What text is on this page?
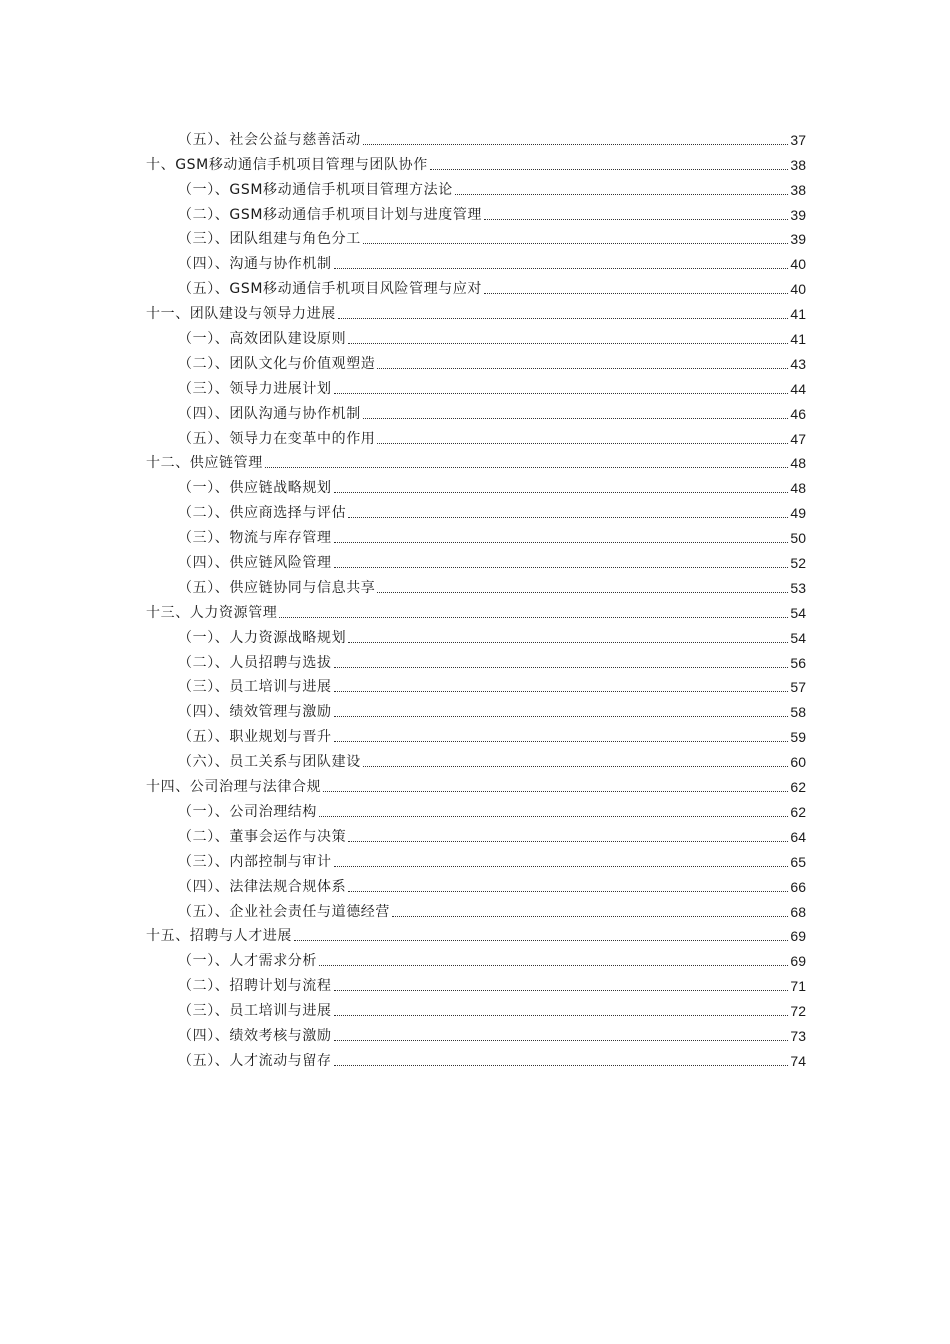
（五）、社会公益与慈善活动	37
十、GSM移动通信手机项目管理与团队协作	38
（一）、GSM移动通信手机项目管理方法论	38
（二）、GSM移动通信手机项目计划与进度管理	39
（三）、团队组建与角色分工	39
（四）、沟通与协作机制	40
（五）、GSM移动通信手机项目风险管理与应对	40
十一、团队建设与领导力进展	41
（一）、高效团队建设原则	41
（二）、团队文化与价值观塑造	43
（三）、领导力进展计划	44
（四）、团队沟通与协作机制	46
（五）、领导力在变革中的作用	47
十二、供应链管理	48
（一）、供应链战略规划	48
（二）、供应商选择与评估	49
（三）、物流与库存管理	50
（四）、供应链风险管理	52
（五）、供应链协同与信息共享	53
十三、人力资源管理	54
（一）、人力资源战略规划	54
（二）、人员招聘与选拔	56
（三）、员工培训与进展	57
（四）、绩效管理与激励	58
（五）、职业规划与晋升	59
（六）、员工关系与团队建设	60
十四、公司治理与法律合规	62
（一）、公司治理结构	62
（二）、董事会运作与决策	64
（三）、内部控制与审计	65
（四）、法律法规合规体系	66
（五）、企业社会责任与道德经营	68
十五、招聘与人才进展	69
（一）、人才需求分析	69
（二）、招聘计划与流程	71
（三）、员工培训与进展	72
（四）、绩效考核与激励	73
（五）、人才流动与留存	74
